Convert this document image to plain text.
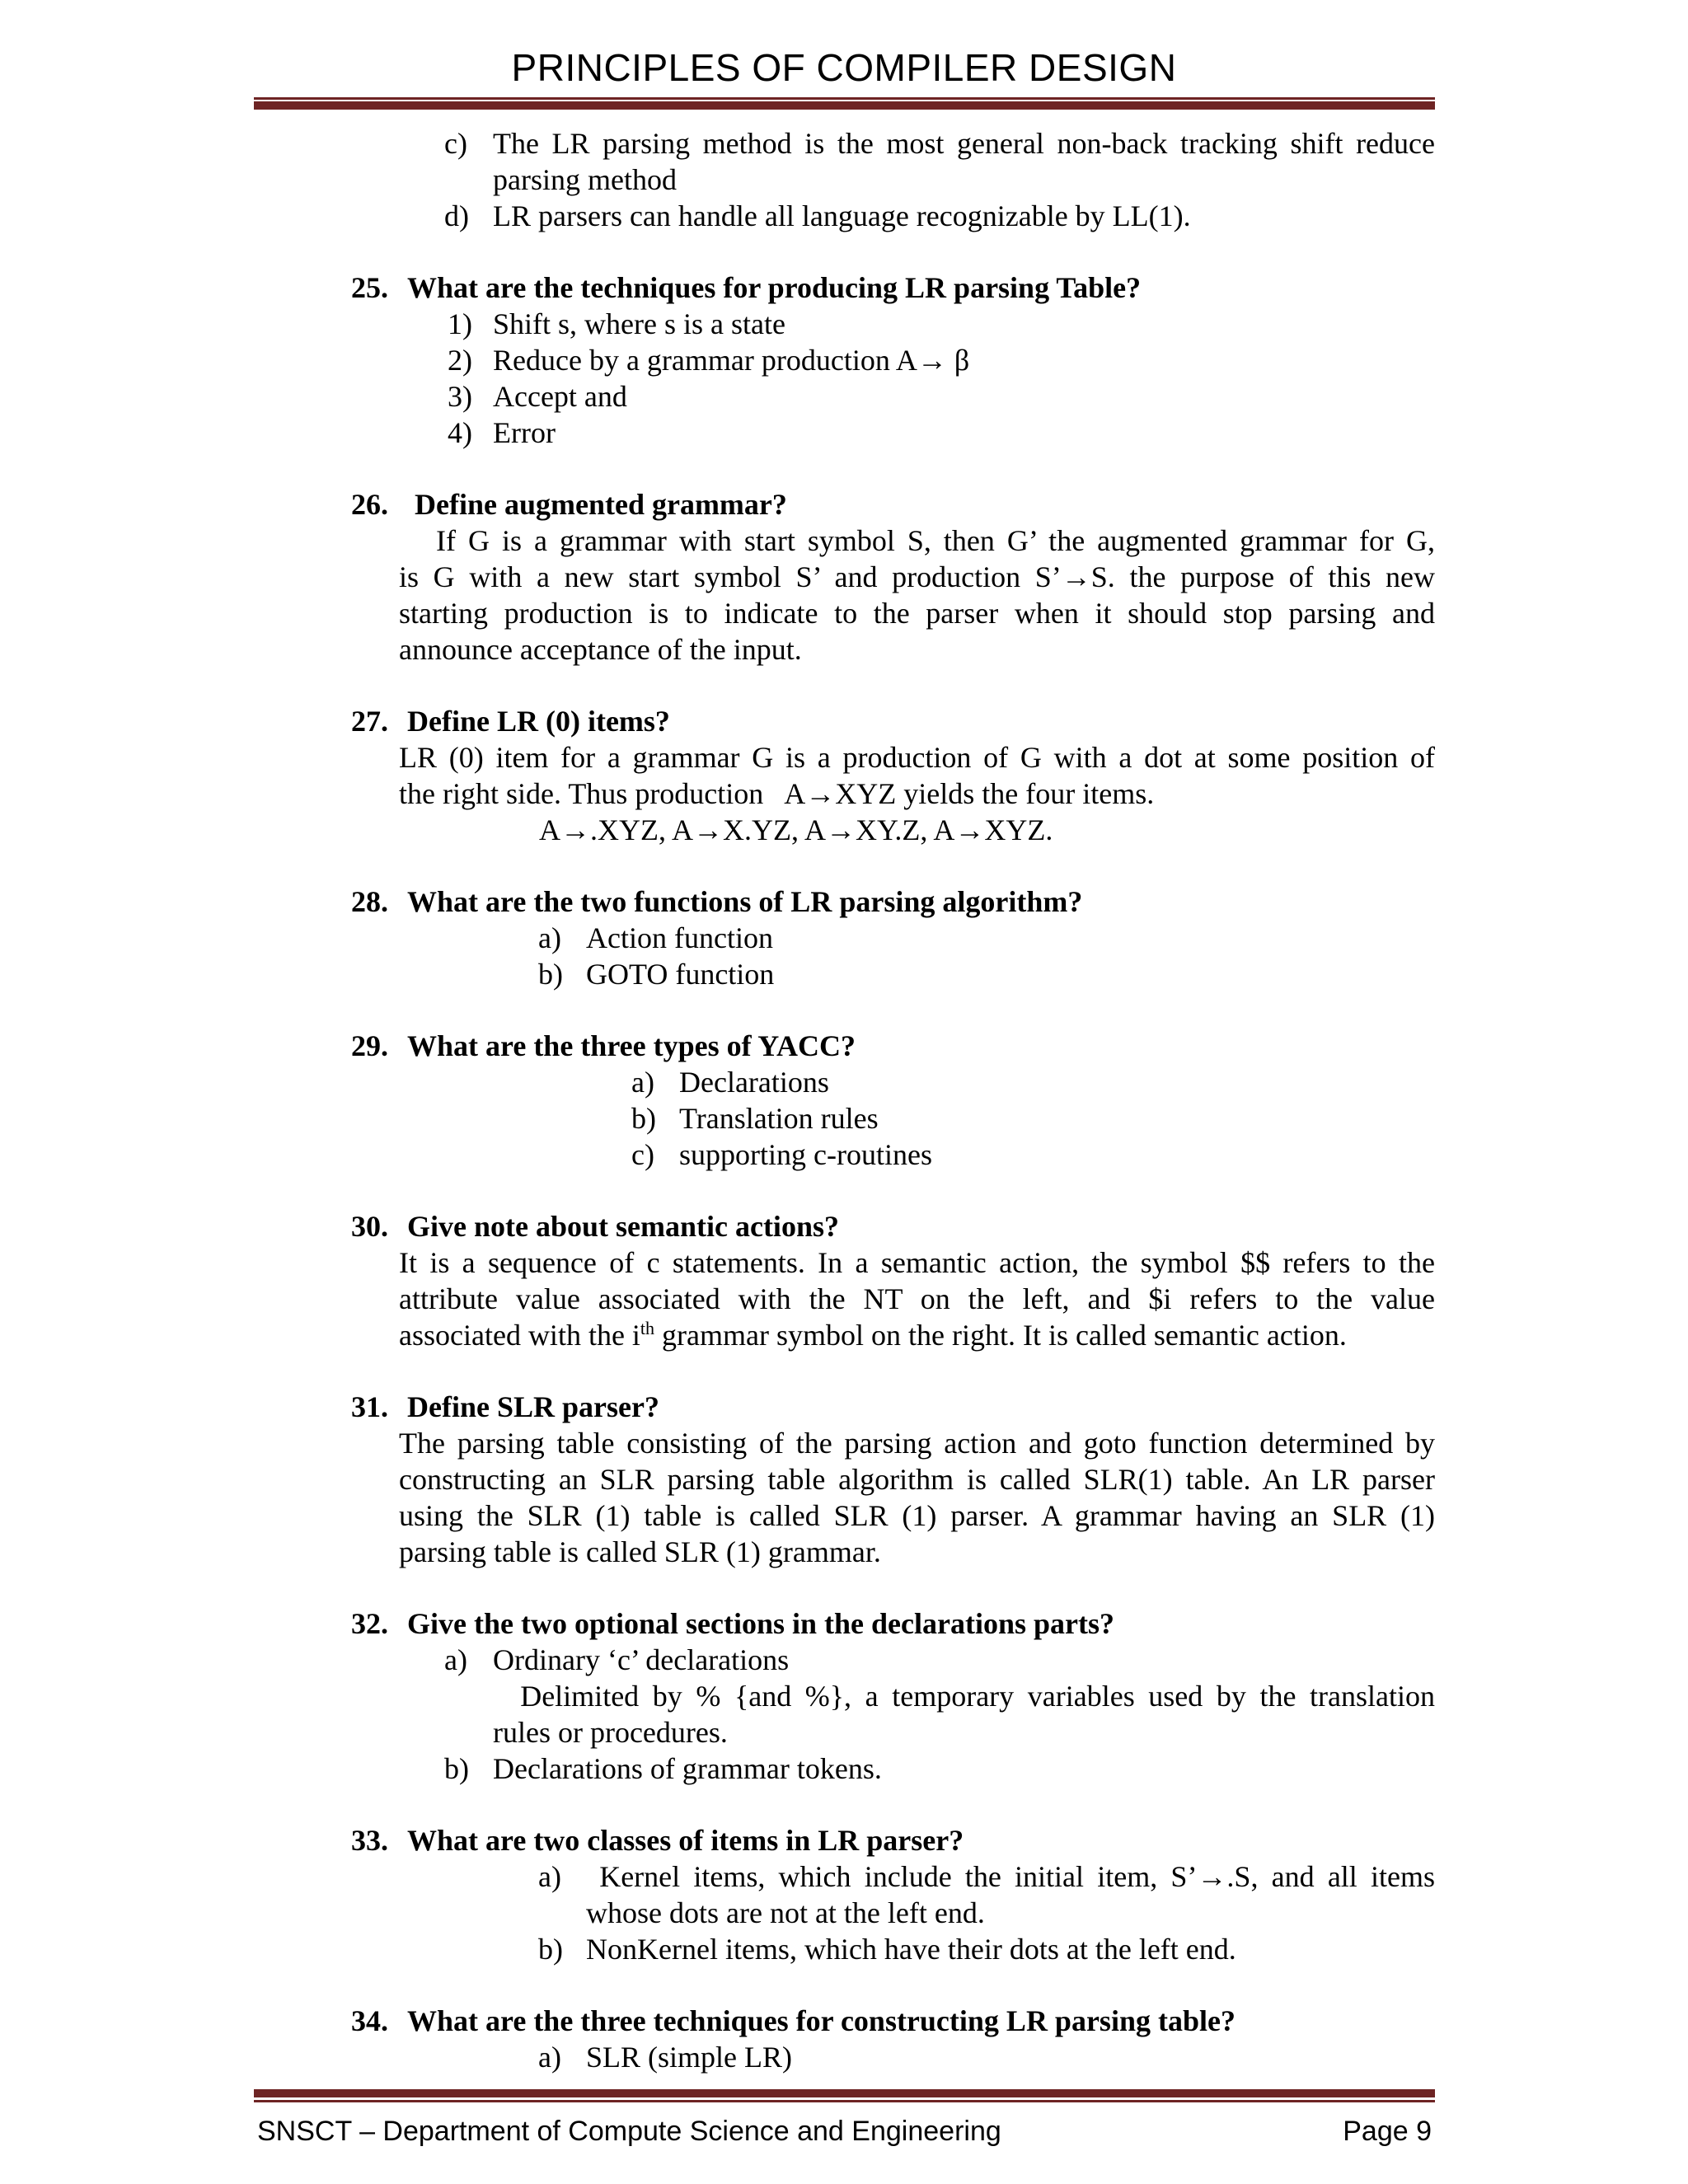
PRINCIPLES OF COMPILER DESIGN
c) The LR parsing method is the most general non-back tracking shift reduce
parsing method
d) LR parsers can handle all language recognizable by LL(1).
25. What are the techniques for producing LR parsing Table?
1) Shift s, where s is a state
2) Reduce by a grammar production A→ β
3) Accept and
4) Error
26. Define augmented grammar?
If G is a grammar with start symbol S, then G’ the augmented grammar for G,
is G with a new start symbol S’ and production S’→S. the purpose of this new
starting production is to indicate to the parser when it should stop parsing and
announce acceptance of the input.
27. Define LR (0) items?
LR (0) item for a grammar G is a production of G with a dot at some position of
the right side. Thus production   A→XYZ yields the four items.
A→.XYZ, A→X.YZ, A→XY.Z, A→XYZ.
28. What are the two functions of LR parsing algorithm?
a) Action function
b) GOTO function
29. What are the three types of YACC?
a) Declarations
b) Translation rules
c) supporting c-routines
30. Give note about semantic actions?
It is a sequence of c statements. In a semantic action, the symbol $$ refers to the
attribute value associated with the NT on the left, and $i refers to the value
associated with the $i^{th}$ grammar symbol on the right. It is called semantic action.
31. Define SLR parser?
The parsing table consisting of the parsing action and goto function determined by
constructing an SLR parsing table algorithm is called SLR(1) table. An LR parser
using the SLR (1) table is called SLR (1) parser. A grammar having an SLR (1)
parsing table is called SLR (1) grammar.
32. Give the two optional sections in the declarations parts?
a) Ordinary ‘c’ declarations
Delimited by % {and %}, a temporary variables used by the translation
rules or procedures.
b) Declarations of grammar tokens.
33. What are two classes of items in LR parser?
a) Kernel items, which include the initial item, S’→.S, and all items
whose dots are not at the left end.
b) NonKernel items, which have their dots at the left end.
34. What are the three techniques for constructing LR parsing table?
a) SLR (simple LR)
SNSCT – Department of Compute Science and Engineering	Page 9
